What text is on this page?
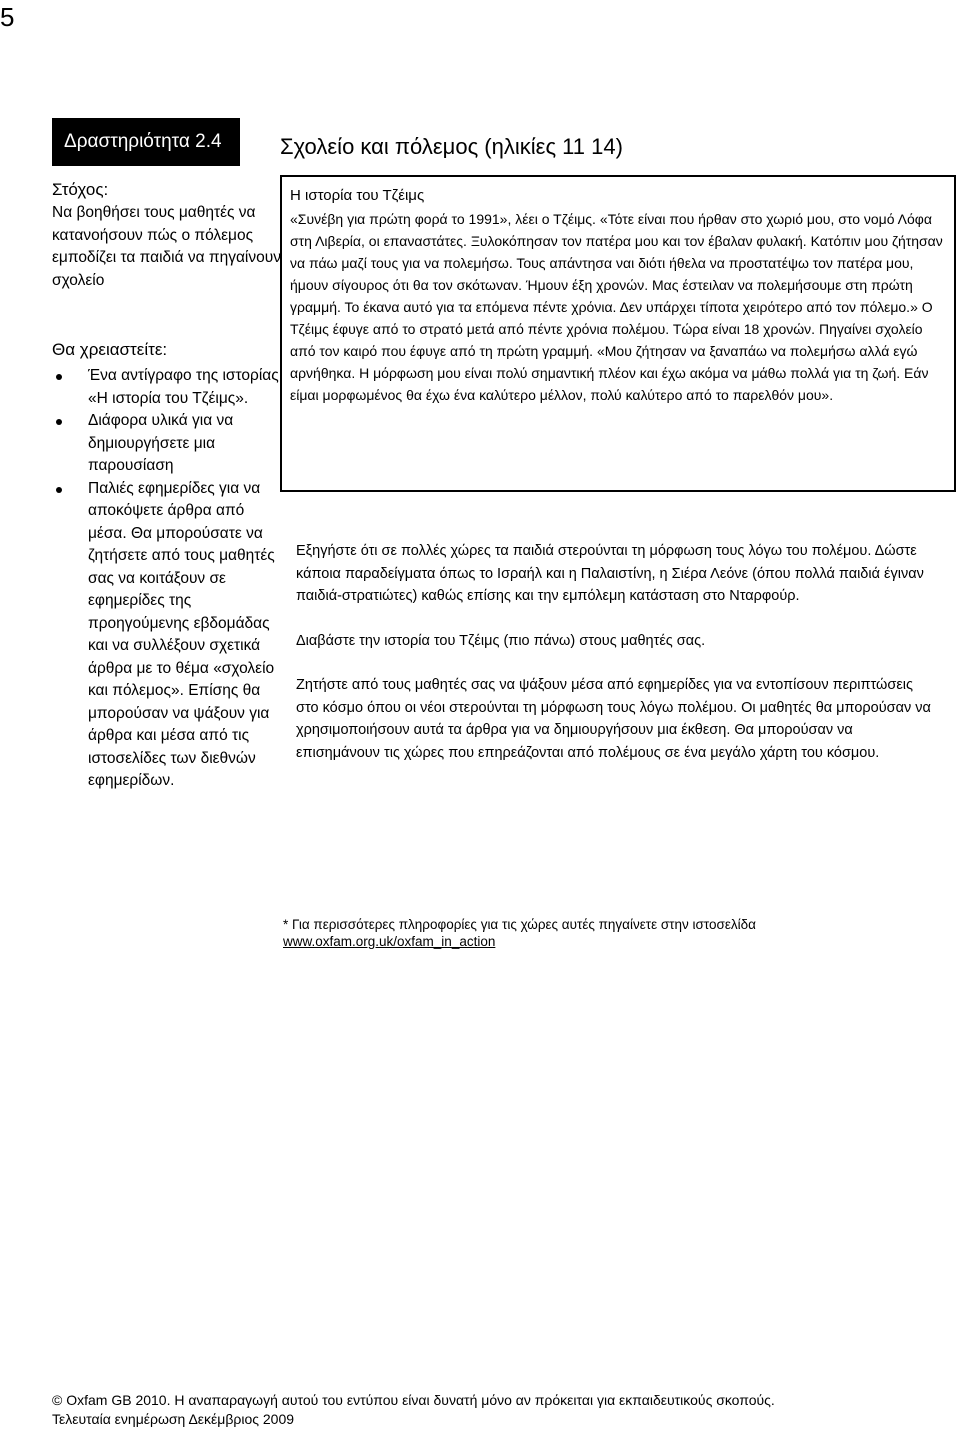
5
Δραστηριότητα 2.4	Σχολείο και πόλεμος (ηλικίες 11 14)
Στόχος:

Να βοηθήσει τους μαθητές να κατανοήσουν πώς ο πόλεμος εμποδίζει τα παιδιά να πηγαίνουν σχολείο

Θα χρειαστείτε:
Ένα αντίγραφο της ιστορίας «Η ιστορία του Τζέιμς».
Διάφορα υλικά για να δημιουργήσετε μια παρουσίαση
Παλιές εφημερίδες για να αποκόψετε άρθρα από μέσα. Θα μπορούσατε να ζητήσετε από τους μαθητές σας να κοιτάξουν σε εφημερίδες της προηγούμενης εβδομάδας και να συλλέξουν σχετικά άρθρα με το θέμα «σχολείο και πόλεμος». Επίσης θα μπορούσαν να ψάξουν για άρθρα και μέσα από τις ιστοσελίδες των διεθνών εφημερίδων.
Η ιστορία του Τζέιμς

«Συνέβη για πρώτη φορά το 1991», λέει ο Τζέιμς. «Τότε είναι που ήρθαν στο χωριό μου, στο νομό Λόφα στη Λιβερία, οι επαναστάτες. Ξυλοκόπησαν τον πατέρα μου και τον έβαλαν φυλακή. Κατόπιν μου ζήτησαν να πάω μαζί τους για να πολεμήσω. Τους απάντησα ναι διότι ήθελα να προστατέψω τον πατέρα μου, ήμουν σίγουρος ότι θα τον σκότωναν. Ήμουν έξη χρονών. Μας έστειλαν να πολεμήσουμε στη πρώτη γραμμή. Το έκανα αυτό για τα επόμενα πέντε χρόνια. Δεν υπάρχει τίποτα χειρότερο από τον πόλεμο.» Ο Τζέιμς έφυγε από το στρατό μετά από πέντε χρόνια πολέμου. Τώρα είναι 18 χρονών. Πηγαίνει σχολείο από τον καιρό που έφυγε από τη πρώτη γραμμή. «Μου ζήτησαν να ξαναπάω να πολεμήσω αλλά εγώ αρνήθηκα. Η μόρφωση μου είναι πολύ σημαντική πλέον και έχω ακόμα να μάθω πολλά για τη ζωή. Εάν είμαι μορφωμένος θα έχω ένα καλύτερο μέλλον, πολύ καλύτερο από το παρελθόν μου».

Εξηγήστε ότι σε πολλές χώρες τα παιδιά στερούνται τη μόρφωση τους λόγω του πολέμου. Δώστε κάποια παραδείγματα όπως το Ισραήλ και η Παλαιστίνη, η Σιέρα Λεόνε (όπου πολλά παιδιά έγιναν παιδιά-στρατιώτες) καθώς επίσης και την εμπόλεμη κατάσταση στο Νταρφούρ.

Διαβάστε την ιστορία του Τζέιμς (πιο πάνω) στους μαθητές σας.

Ζητήστε από τους μαθητές σας να ψάξουν μέσα από εφημερίδες για να εντοπίσουν περιπτώσεις στο κόσμο όπου οι νέοι στερούνται τη μόρφωση τους λόγω πολέμου. Οι μαθητές θα μπορούσαν να χρησιμοποιήσουν αυτά τα άρθρα για να δημιουργήσουν μια έκθεση. Θα μπορούσαν να επισημάνουν τις χώρες που επηρεάζονται από πολέμους σε ένα μεγάλο χάρτη του κόσμου.

* Για περισσότερες πληροφορίες για τις χώρες αυτές πηγαίνετε στην ιστοσελίδα

www.oxfam.org.uk/oxfam_in_action

© Oxfam GB 2010. Η αναπαραγωγή αυτού του εντύπου είναι δυνατή μόνο αν πρόκειται για εκπαιδευτικούς σκοπούς.

Τελευταία ενημέρωση Δεκέμβριος 2009
